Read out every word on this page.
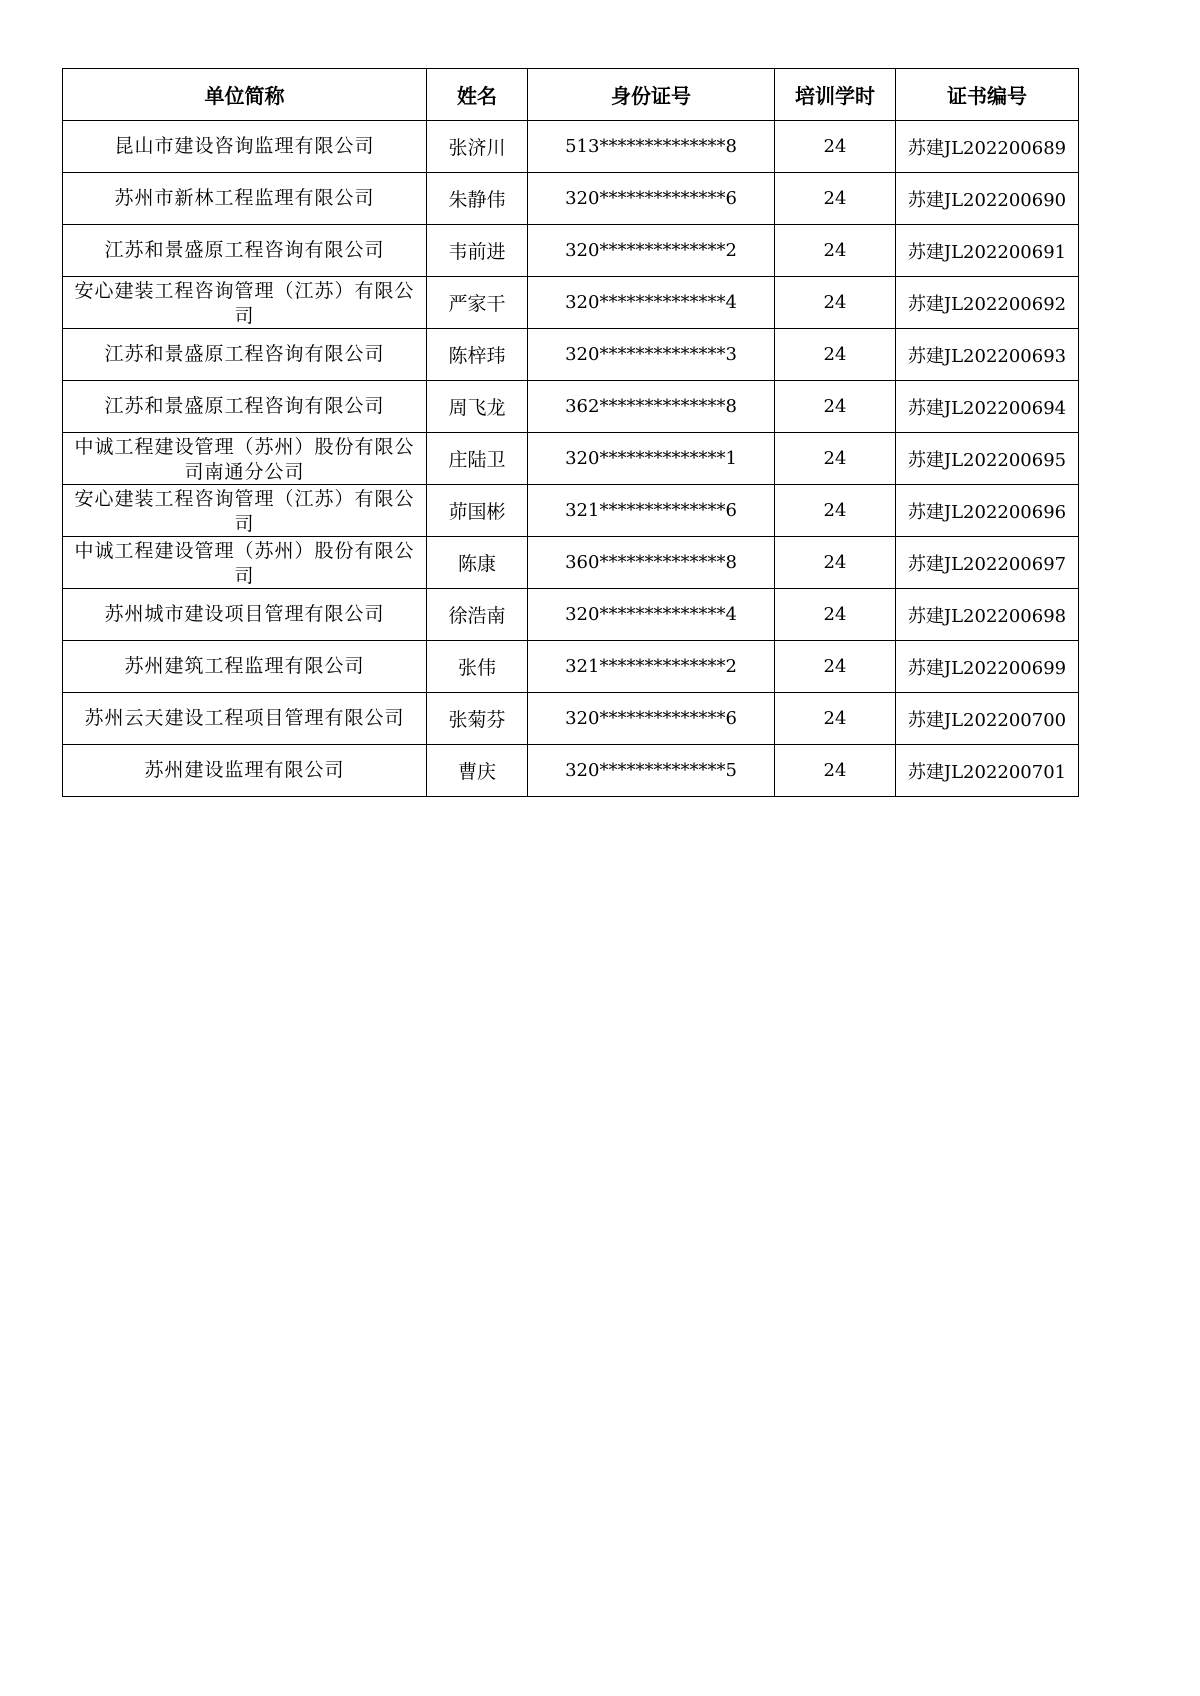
单位简称	姓名	身份证号	培训学时	证书编号

昆山市建设咨询监理有限公司	张济川	513**************8	24	苏建JL202200689

苏州市新林工程监理有限公司	朱静伟	320**************6	24	苏建JL202200690

江苏和景盛原工程咨询有限公司	韦前进	320**************2	24	苏建JL202200691

安心建装工程咨询管理（江苏）有限公司	严家干	320**************4	24	苏建JL202200692

江苏和景盛原工程咨询有限公司	陈梓玮	320**************3	24	苏建JL202200693

江苏和景盛原工程咨询有限公司	周飞龙	362**************8	24	苏建JL202200694

中诚工程建设管理（苏州）股份有限公司南通分公司	庄陆卫	320**************1	24	苏建JL202200695

安心建装工程咨询管理（江苏）有限公司	茆国彬	321**************6	24	苏建JL202200696

中诚工程建设管理（苏州）股份有限公司	陈康	360**************8	24	苏建JL202200697

苏州城市建设项目管理有限公司	徐浩南	320**************4	24	苏建JL202200698

苏州建筑工程监理有限公司	张伟	321**************2	24	苏建JL202200699

苏州云天建设工程项目管理有限公司	张菊芬	320**************6	24	苏建JL202200700

苏州建设监理有限公司	曹庆	320**************5	24	苏建JL202200701
